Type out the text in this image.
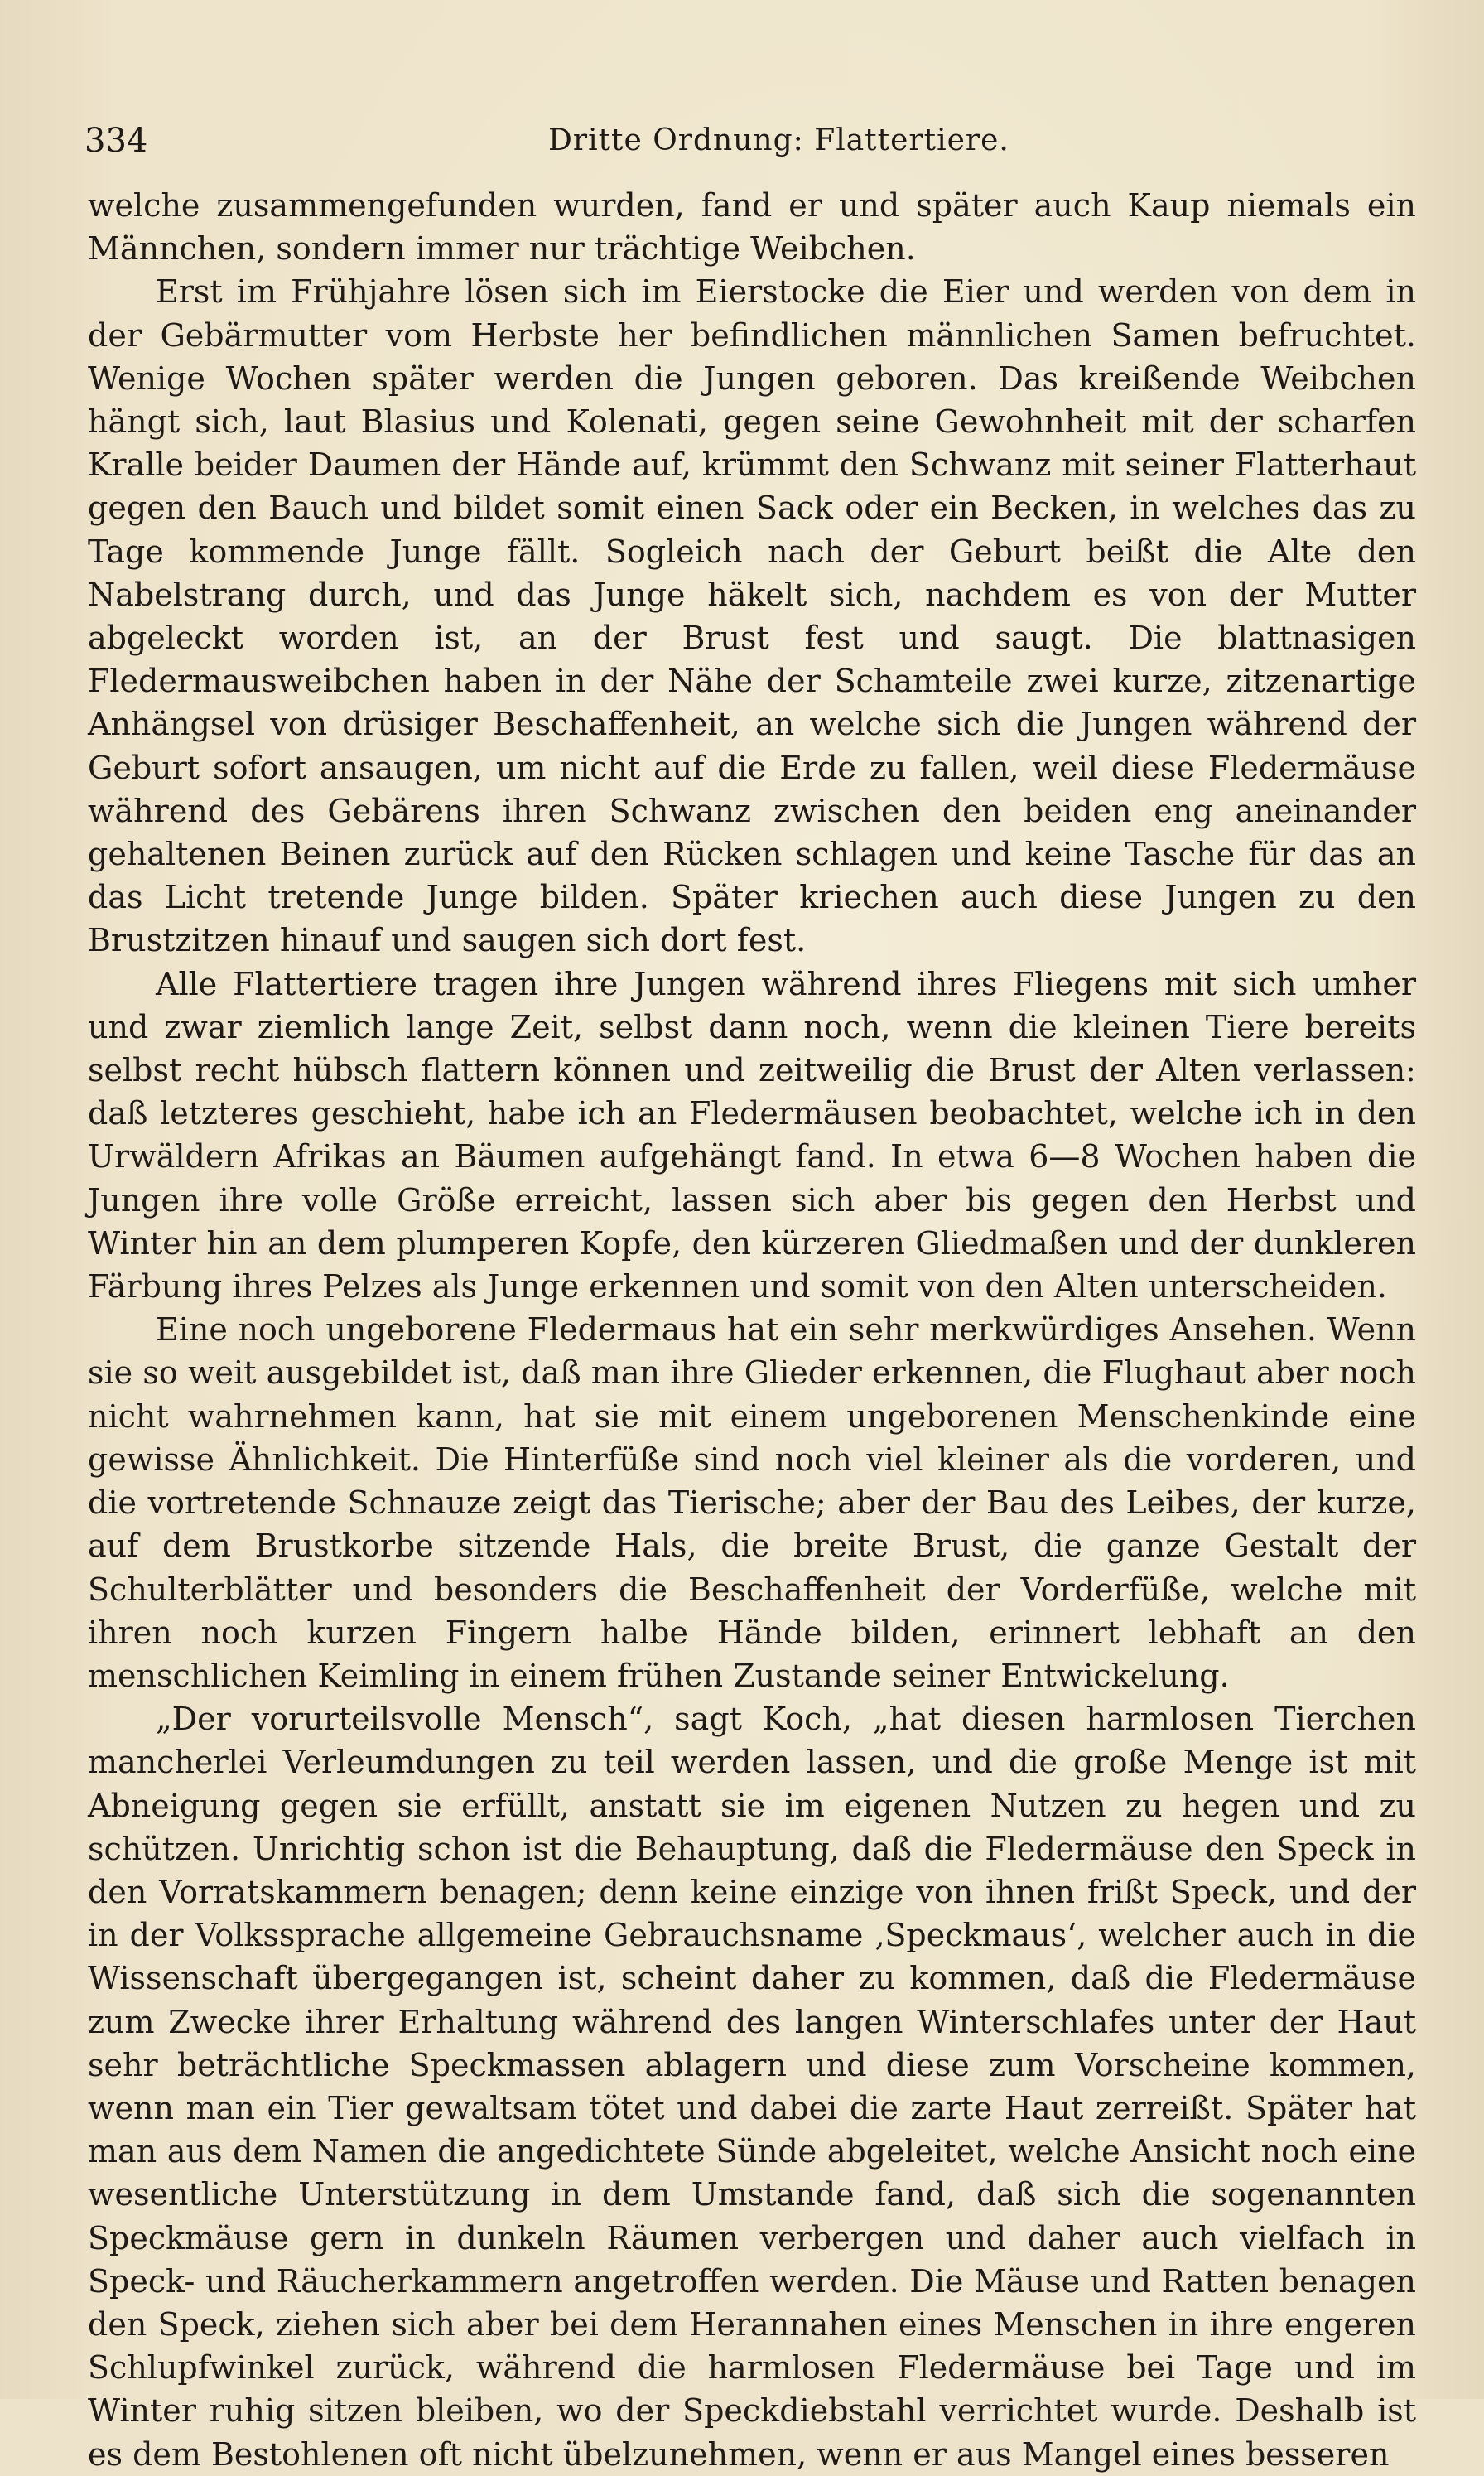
334	Dritte Ordnung: Flattertiere.

welche zusammengefunden wurden, fand er und später auch Kaup niemals ein Männchen, sondern immer nur trächtige Weibchen.

Erst im Frühjahre lösen sich im Eierstocke die Eier und werden von dem in der Gebärmutter vom Herbste her befindlichen männlichen Samen befruchtet. Wenige Wochen später werden die Jungen geboren. Das kreißende Weibchen hängt sich, laut Blasius und Kolenati, gegen seine Gewohnheit mit der scharfen Kralle beider Daumen der Hände auf, krümmt den Schwanz mit seiner Flatterhaut gegen den Bauch und bildet somit einen Sack oder ein Becken, in welches das zu Tage kommende Junge fällt. Sogleich nach der Geburt beißt die Alte den Nabelstrang durch, und das Junge häkelt sich, nachdem es von der Mutter abgeleckt worden ist, an der Brust fest und saugt. Die blattnasigen Fledermausweibchen haben in der Nähe der Schamteile zwei kurze, zitzenartige Anhängsel von drüsiger Beschaffenheit, an welche sich die Jungen während der Geburt sofort ansaugen, um nicht auf die Erde zu fallen, weil diese Fledermäuse während des Gebärens ihren Schwanz zwischen den beiden eng aneinander gehaltenen Beinen zurück auf den Rücken schlagen und keine Tasche für das an das Licht tretende Junge bilden. Später kriechen auch diese Jungen zu den Brustzitzen hinauf und saugen sich dort fest.

Alle Flattertiere tragen ihre Jungen während ihres Fliegens mit sich umher und zwar ziemlich lange Zeit, selbst dann noch, wenn die kleinen Tiere bereits selbst recht hübsch flattern können und zeitweilig die Brust der Alten verlassen: daß letzteres geschieht, habe ich an Fledermäusen beobachtet, welche ich in den Urwäldern Afrikas an Bäumen aufgehängt fand. In etwa 6—8 Wochen haben die Jungen ihre volle Größe erreicht, lassen sich aber bis gegen den Herbst und Winter hin an dem plumperen Kopfe, den kürzeren Gliedmaßen und der dunkleren Färbung ihres Pelzes als Junge erkennen und somit von den Alten unterscheiden.

Eine noch ungeborene Fledermaus hat ein sehr merkwürdiges Ansehen. Wenn sie so weit ausgebildet ist, daß man ihre Glieder erkennen, die Flughaut aber noch nicht wahrnehmen kann, hat sie mit einem ungeborenen Menschenkinde eine gewisse Ähnlichkeit. Die Hinterfüße sind noch viel kleiner als die vorderen, und die vortretende Schnauze zeigt das Tierische; aber der Bau des Leibes, der kurze, auf dem Brustkorbe sitzende Hals, die breite Brust, die ganze Gestalt der Schulterblätter und besonders die Beschaffenheit der Vorderfüße, welche mit ihren noch kurzen Fingern halbe Hände bilden, erinnert lebhaft an den menschlichen Keimling in einem frühen Zustande seiner Entwickelung.

„Der vorurteilsvolle Mensch“, sagt Koch, „hat diesen harmlosen Tierchen mancherlei Verleumdungen zu teil werden lassen, und die große Menge ist mit Abneigung gegen sie erfüllt, anstatt sie im eigenen Nutzen zu hegen und zu schützen. Unrichtig schon ist die Behauptung, daß die Fledermäuse den Speck in den Vorratskammern benagen; denn keine einzige von ihnen frißt Speck, und der in der Volkssprache allgemeine Gebrauchsname ‚Speckmaus‘, welcher auch in die Wissenschaft übergegangen ist, scheint daher zu kommen, daß die Fledermäuse zum Zwecke ihrer Erhaltung während des langen Winterschlafes unter der Haut sehr beträchtliche Speckmassen ablagern und diese zum Vorscheine kommen, wenn man ein Tier gewaltsam tötet und dabei die zarte Haut zerreißt. Später hat man aus dem Namen die angedichtete Sünde abgeleitet, welche Ansicht noch eine wesentliche Unterstützung in dem Umstande fand, daß sich die sogenannten Speckmäuse gern in dunkeln Räumen verbergen und daher auch vielfach in Speck- und Räucherkammern angetroffen werden. Die Mäuse und Ratten benagen den Speck, ziehen sich aber bei dem Herannahen eines Menschen in ihre engeren Schlupfwinkel zurück, während die harmlosen Fledermäuse bei Tage und im Winter ruhig sitzen bleiben, wo der Speckdiebstahl verrichtet wurde. Deshalb ist es dem Bestohlenen oft nicht übelzunehmen, wenn er aus Mangel eines besseren
